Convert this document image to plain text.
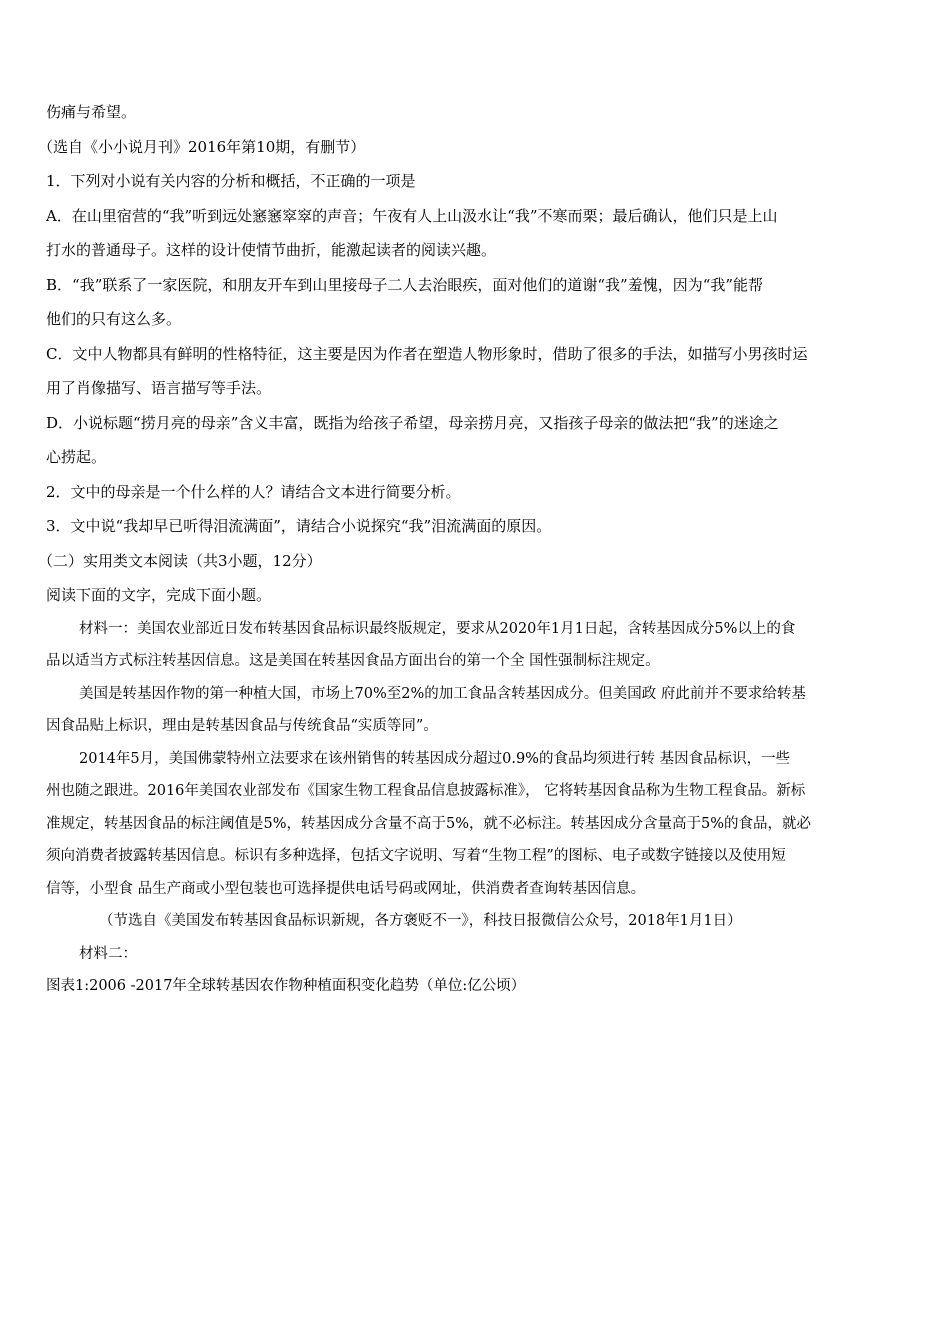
伤痛与希望。
（选自《小小说月刊》2016年第10期，有删节）
1．下列对小说有关内容的分析和概括，不正确的一项是
A．在山里宿营的“我”听到远处窸窸窣窣的声音；午夜有人上山汲水让“我”不寒而栗；最后确认，他们只是上山
打水的普通母子。这样的设计使情节曲折，能激起读者的阅读兴趣。
B．“我”联系了一家医院，和朋友开车到山里接母子二人去治眼疾，面对他们的道谢“我”羞愧，因为“我”能帮
他们的只有这么多。
C．文中人物都具有鲜明的性格特征，这主要是因为作者在塑造人物形象时，借助了很多的手法，如描写小男孩时运
用了肖像描写、语言描写等手法。
D．小说标题“捞月亮的母亲”含义丰富，既指为给孩子希望，母亲捞月亮，又指孩子母亲的做法把“我”的迷途之
心捞起。
2．文中的母亲是一个什么样的人？请结合文本进行简要分析。
3．文中说“我却早已听得泪流满面”，请结合小说探究“我”泪流满面的原因。
（二）实用类文本阅读（共3小题，12分）
阅读下面的文字，完成下面小题。
材料一：美国农业部近日发布转基因食品标识最终版规定，要求从2020年1月1日起，含转基因成分5%以上的食
品以适当方式标注转基因信息。这是美国在转基因食品方面出台的第一个全 国性强制标注规定。
美国是转基因作物的第一种植大国，市场上70%至2%的加工食品含转基因成分。但美国政 府此前并不要求给转基
因食品贴上标识，理由是转基因食品与传统食品“实质等同”。
2014年5月，美国佛蒙特州立法要求在该州销售的转基因成分超过0.9%的食品均须进行转 基因食品标识，一些
州也随之跟进。2016年美国农业部发布《国家生物工程食品信息披露标准》， 它将转基因食品称为生物工程食品。新标
准规定，转基因食品的标注阈值是5%，转基因成分含量不高于5%，就不必标注。转基因成分含量高于5%的食品，就必
须向消费者披露转基因信息。标识有多种选择，包括文字说明、写着“生物工程”的图标、电子或数字链接以及使用短
信等，小型食 品生产商或小型包装也可选择提供电话号码或网址，供消费者查询转基因信息。
（节选自《美国发布转基因食品标识新规，各方褒贬不一》，科技日报微信公众号，2018年1月1日）
材料二：
图表1:2006 -2017年全球转基因农作物种植面积变化趋势（单位:亿公顷）
